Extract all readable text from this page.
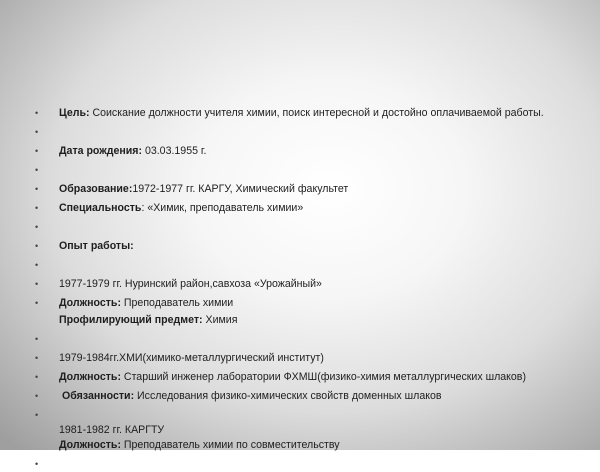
• Цель: Соискание должности учителя химии, поиск интересной и достойно оплачиваемой работы.
•
• Дата рождения: 03.03.1955 г.
•
• Образование:1972-1977 гг. КАРГУ, Химический факультет
• Специальность: «Химик, преподаватель химии»
•
• Опыт работы:
•
• 1977-1979 гг. Нуринский район,савхоза «Урожайный»
• Должность: Преподаватель химии
Профилирующий предмет: Химия
•
• 1979-1984гг.ХМИ(химико-металлургический институт)
• Должность: Старший инженер лаборатории ФХМШ(физико-химия металлургических шлаков)
• Обязанности: Исследования физико-химических свойств доменных шлаков
•
1981-1982 гг. КАРГТУ
Должность: Преподаватель химии по совместительству
•
